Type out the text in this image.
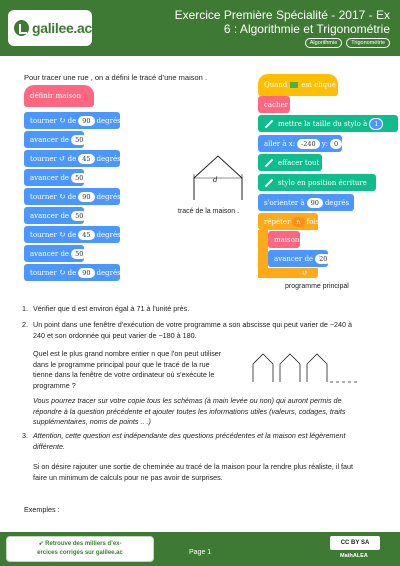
galilee.ac
Exercice Première Spécialité - 2017 - Ex
6 : Algorithmie et Trigonométrie
Algorithmie	Trigonométrie
Pour tracer une rue , on a défini le tracé d’une maison .
définir
maison
tourner ↻ de 90 degrés
avancer de 50
tourner ↺ de 45 degrés
avancer de 50
tourner ↻ de 90 degrés
avancer de 50
tourner ↻ de 45 degrés
avancer de 50
tourner ↻ de 90 degrés
d
tracé de la maison .
Quand est cliqué
cacher
mettre la taille du stylo à	1
aller à x: -240 y: 0
effacer tout
stylo en position écriture
s'orienter à 90 degrés
répéter n fois
maison
avancer de 20
↺
programme principal
1. Vérifier que d est environ égal à 71 à l’unité près.
2. Un point dans une fenêtre d’exécution de votre programme a son abscisse qui peut varier de −240 à
240 et son ordonnée qui peut varier de −180 à 180.
Quel est le plus grand nombre entier n que l’on peut utiliser
dans le programme principal pour que le tracé de la rue
tienne dans la fenêtre de votre ordinateur où s’exécute le
programme ?
Vous pourrez tracer sur votre copie tous les schémas (à main levée ou non) qui auront permis de
répondre à la question précédente et ajouter toutes les informations utiles (valeurs, codages, traits
supplémentaires, noms de points .. .)
3. Attention, cette question est indépendante des questions précédentes et la maison est légèrement
différente.
Si on désire rajouter une sortie de cheminée au tracé de la maison pour la rendre plus réaliste, il faut
faire un minimum de calculs pour ne pas avoir de surprises.
Exemples :
➶ Retrouve des milliers d’ex-
ercices corrigés sur galilee.ac	Page 1
CC BY SA
MathALEA
